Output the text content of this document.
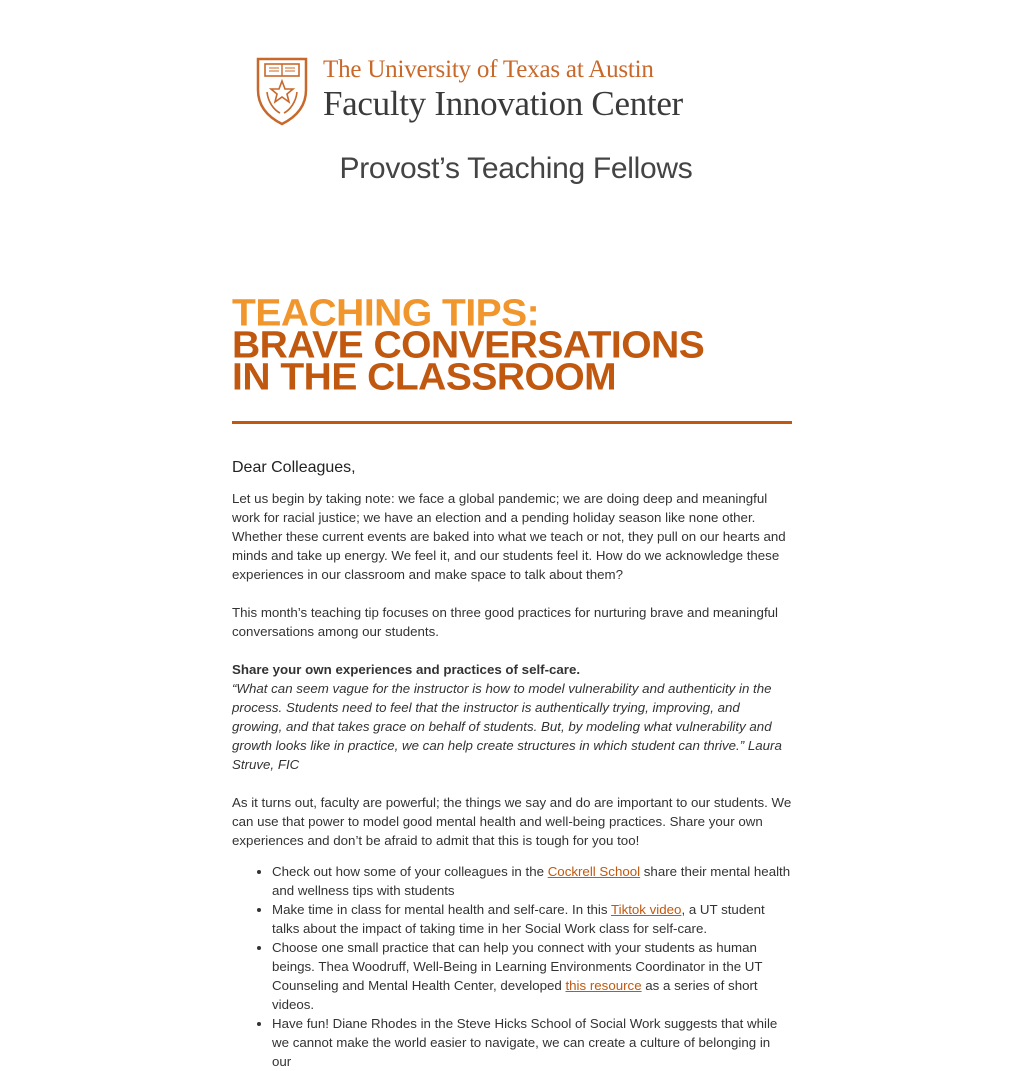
The University of Texas at Austin
Faculty Innovation Center
Provost’s Teaching Fellows
TEACHING TIPS:
BRAVE CONVERSATIONS
IN THE CLASSROOM

Dear Colleagues,

Let us begin by taking note: we face a global pandemic; we are doing deep and meaningful work for racial justice; we have an election and a pending holiday season like none other. Whether these current events are baked into what we teach or not, they pull on our hearts and minds and take up energy. We feel it, and our students feel it. How do we acknowledge these experiences in our classroom and make space to talk about them?

This month’s teaching tip focuses on three good practices for nurturing brave and meaningful conversations among our students.

Share your own experiences and practices of self-care.

“What can seem vague for the instructor is how to model vulnerability and authenticity in the process. Students need to feel that the instructor is authentically trying, improving, and growing, and that takes grace on behalf of students. But, by modeling what vulnerability and growth looks like in practice, we can help create structures in which student can thrive.” Laura Struve, FIC

As it turns out, faculty are powerful; the things we say and do are important to our students. We can use that power to model good mental health and well-being practices. Share your own experiences and don’t be afraid to admit that this is tough for you too!

• Check out how some of your colleagues in the Cockrell School share their mental health and wellness tips with students
• Make time in class for mental health and self-care. In this Tiktok video, a UT student talks about the impact of taking time in her Social Work class for self-care.
• Choose one small practice that can help you connect with your students as human beings. Thea Woodruff, Well-Being in Learning Environments Coordinator in the UT Counseling and Mental Health Center, developed this resource as a series of short videos.
• Have fun! Diane Rhodes in the Steve Hicks School of Social Work suggests that while we cannot make the world easier to navigate, we can create a culture of belonging in our
